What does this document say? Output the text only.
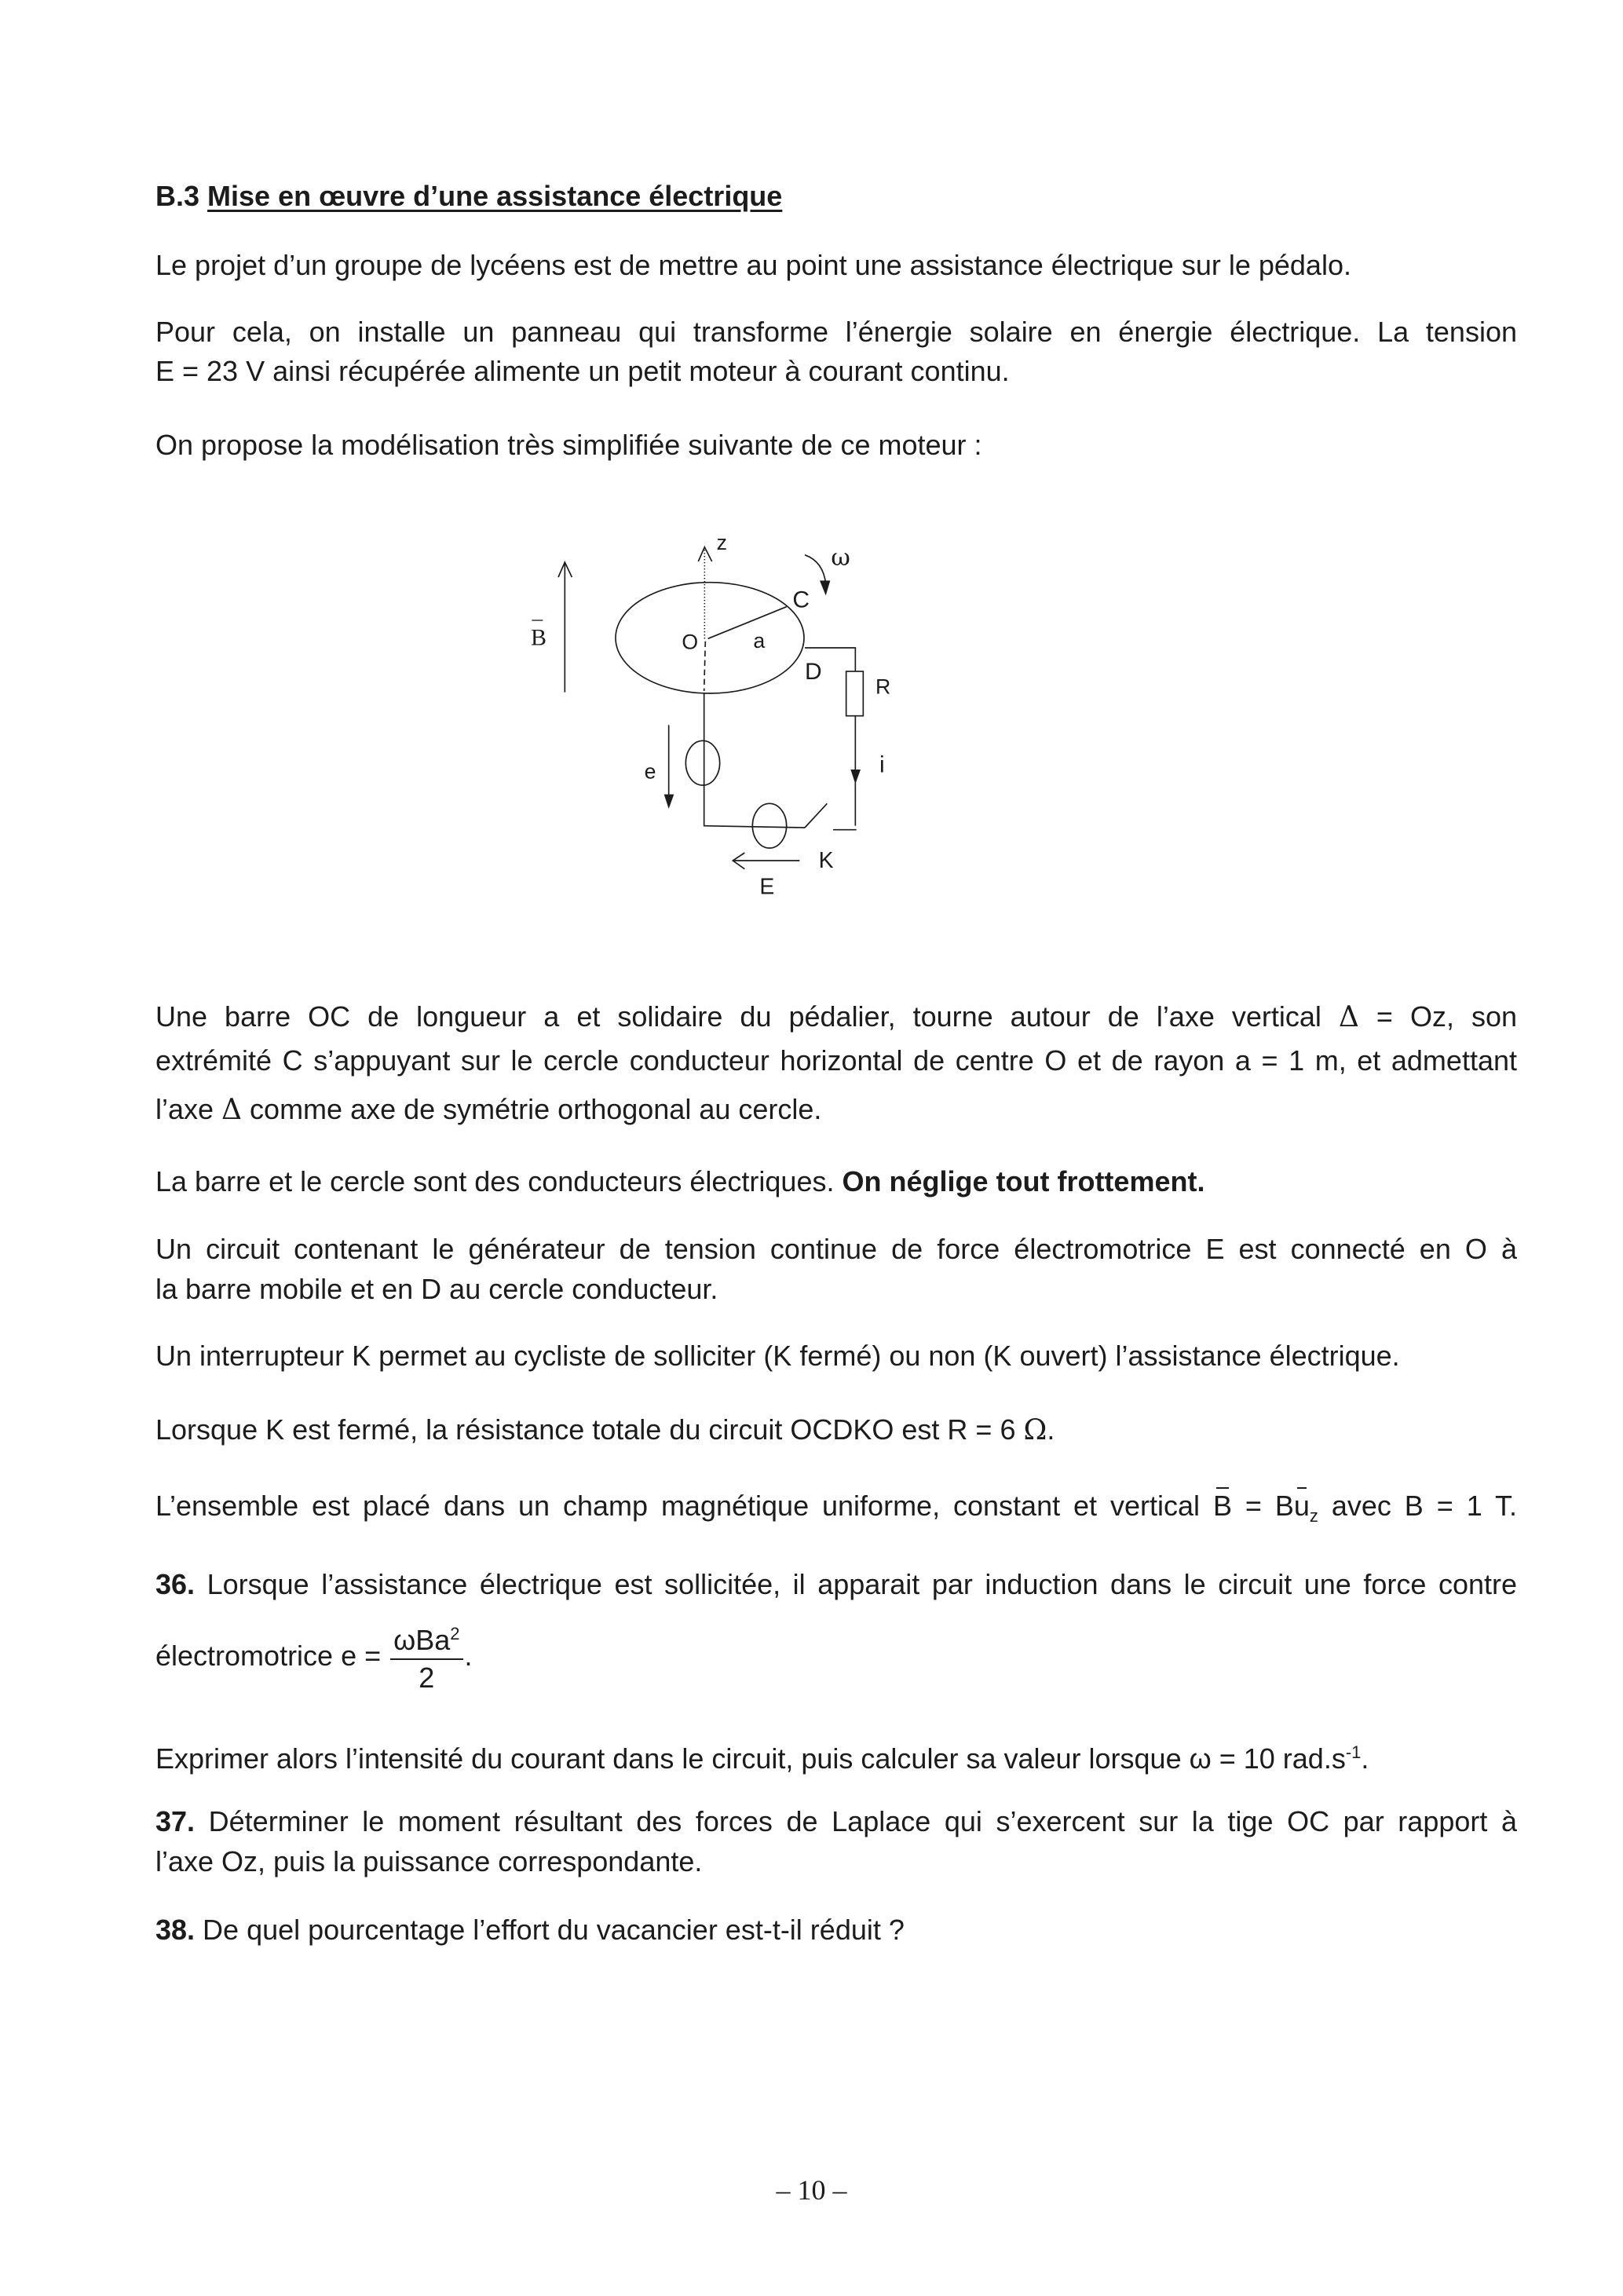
B.3 Mise en œuvre d’une assistance électrique
Le projet d’un groupe de lycéens est de mettre au point une assistance électrique sur le pédalo.
Pour cela, on installe un panneau qui transforme l’énergie solaire en énergie électrique. La tension
E = 23 V ainsi récupérée alimente un petit moteur à courant continu.
On propose la modélisation très simplifiée suivante de ce moteur :
B
z
ω
C
O a
D
R
i
e
K
E
Une barre OC de longueur a et solidaire du pédalier, tourne autour de l’axe vertical Δ = Oz, son
extrémité C s’appuyant sur le cercle conducteur horizontal de centre O et de rayon a = 1 m, et admettant
l’axe Δ comme axe de symétrie orthogonal au cercle.
La barre et le cercle sont des conducteurs électriques. On néglige tout frottement.
Un circuit contenant le générateur de tension continue de force électromotrice E est connecté en O à
la barre mobile et en D au cercle conducteur.
Un interrupteur K permet au cycliste de solliciter (K fermé) ou non (K ouvert) l’assistance électrique.
Lorsque K est fermé, la résistance totale du circuit OCDKO est R = 6 Ω.
L’ensemble est placé dans un champ magnétique uniforme, constant et vertical $B = Bu_z$ avec B = 1 T.
36. Lorsque l’assistance électrique est sollicitée, il apparait par induction dans le circuit une force contre
électromotrice $e = \frac{\omega Ba^2}{2}$ .
Exprimer alors l’intensité du courant dans le circuit, puis calculer sa valeur lorsque ω = 10 $rad.s^{-1}$.
37. Déterminer le moment résultant des forces de Laplace qui s’exercent sur la tige OC par rapport à
l’axe Oz, puis la puissance correspondante.
38. De quel pourcentage l’effort du vacancier est-t-il réduit ?
– 10 –
